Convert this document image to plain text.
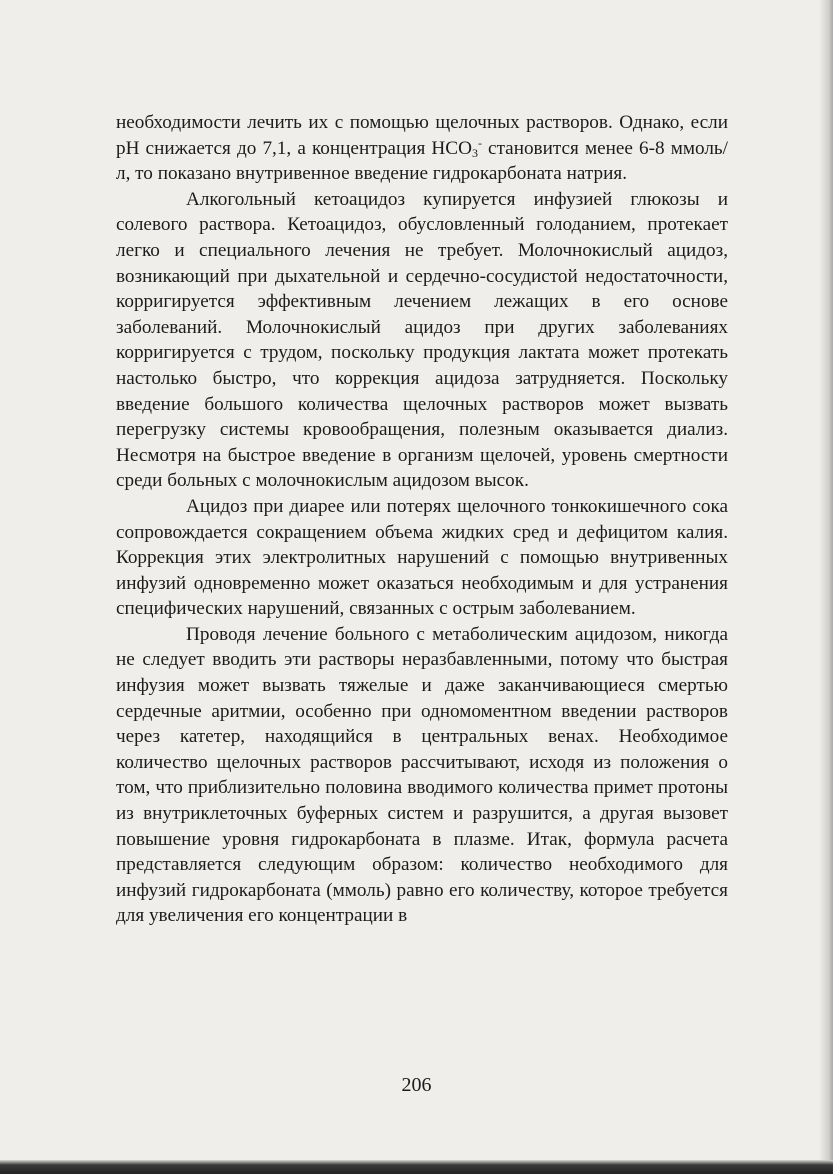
необходимости лечить их с помощью щелочных растворов. Однако, если pH снижается до 7,1, а концентрация $HCO_3^-$ становится менее 6-8 ммоль/л, то показано внутривенное введение гидрокарбоната натрия.

Алкогольный кетоацидоз купируется инфузией глюкозы и солевого раствора. Кетоацидоз, обусловленный голоданием, протекает легко и специального лечения не требует. Молочнокислый ацидоз, возникающий при дыхательной и сердечно-сосудистой недостаточности, корригируется эффективным лечением лежащих в его основе заболеваний. Молочнокислый ацидоз при других заболеваниях корригируется с трудом, поскольку продукция лактата может протекать настолько быстро, что коррекция ацидоза затрудняется. Поскольку введение большого количества щелочных растворов может вызвать перегрузку системы кровообращения, полезным оказывается диализ. Несмотря на быстрое введение в организм щелочей, уровень смертности среди больных с молочнокислым ацидозом высок.

Ацидоз при диарее или потерях щелочного тонкокишечного сока сопровождается сокращением объема жидких сред и дефицитом калия. Коррекция этих электролитных нарушений с помощью внутривенных инфузий одновременно может оказаться необходимым и для устранения специфических нарушений, связанных с острым заболеванием.

Проводя лечение больного с метаболическим ацидозом, никогда не следует вводить эти растворы неразбавленными, потому что быстрая инфузия может вызвать тяжелые и даже заканчивающиеся смертью сердечные аритмии, особенно при одномоментном введении растворов через катетер, находящийся в центральных венах. Необходимое количество щелочных растворов рассчитывают, исходя из положения о том, что приблизительно половина вводимого количества примет протоны из внутриклеточных буферных систем и разрушится, а другая вызовет повышение уровня гидрокарбоната в плазме. Итак, формула расчета представляется следующим образом: количество необходимого для инфузий гидрокарбоната (ммоль) равно его количеству, которое требуется для увеличения его концентрации в

206
